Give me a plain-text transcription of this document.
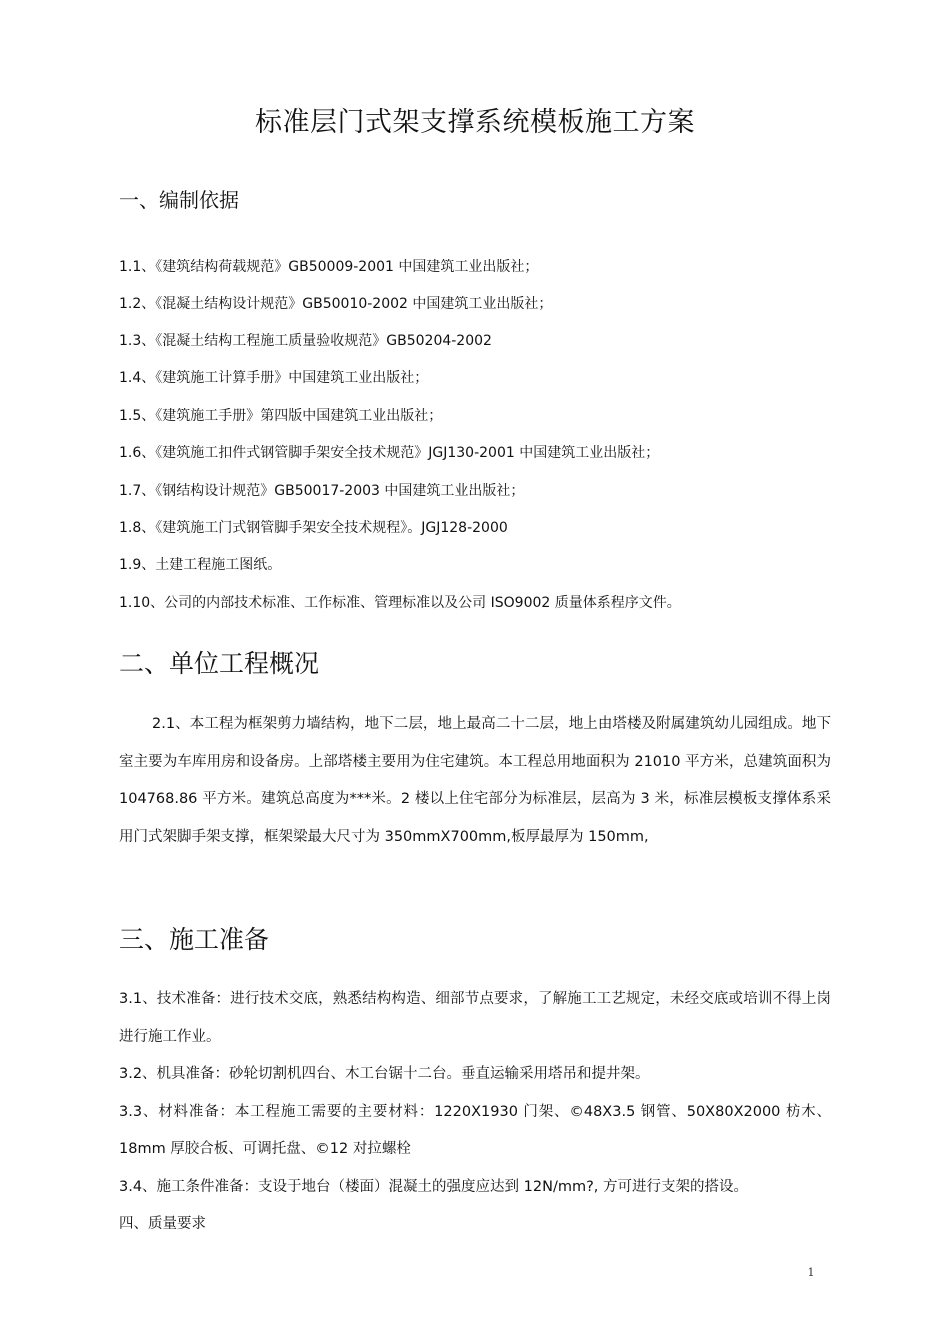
标准层门式架支撑系统模板施工方案
一、编制依据
1.1、《建筑结构荷载规范》GB50009-2001 中国建筑工业出版社；
1.2、《混凝土结构设计规范》GB50010-2002 中国建筑工业出版社；
1.3、《混凝土结构工程施工质量验收规范》GB50204-2002
1.4、《建筑施工计算手册》中国建筑工业出版社；
1.5、《建筑施工手册》第四版中国建筑工业出版社；
1.6、《建筑施工扣件式钢管脚手架安全技术规范》JGJ130-2001 中国建筑工业出版社；
1.7、《钢结构设计规范》GB50017-2003 中国建筑工业出版社；
1.8、《建筑施工门式钢管脚手架安全技术规程》。JGJ128-2000
1.9、土建工程施工图纸。
1.10、公司的内部技术标准、工作标准、管理标准以及公司 ISO9002 质量体系程序文件。
二、单位工程概况
2.1、本工程为框架剪力墙结构，地下二层，地上最高二十二层，地上由塔楼及附属建筑幼儿园组成。地下室主要为车库用房和设备房。上部塔楼主要用为住宅建筑。本工程总用地面积为 21010 平方米，总建筑面积为 104768.86 平方米。建筑总高度为***米。2 楼以上住宅部分为标准层，层高为 3 米，标准层模板支撑体系采用门式架脚手架支撑，框架梁最大尺寸为 350mmX700mm,板厚最厚为 150mm,
三、施工准备
3.1、技术准备：进行技术交底，熟悉结构构造、细部节点要求，了解施工工艺规定，未经交底或培训不得上岗进行施工作业。
3.2、机具准备：砂轮切割机四台、木工台锯十二台。垂直运输采用塔吊和提井架。
3.3、材料准备：本工程施工需要的主要材料：1220X1930 门架、©48X3.5 钢管、50X80X2000 枋木、18mm 厚胶合板、可调托盘、©12 对拉螺栓
3.4、施工条件准备：支设于地台（楼面）混凝土的强度应达到 12N/mm?, 方可进行支架的搭设。
四、质量要求
1
